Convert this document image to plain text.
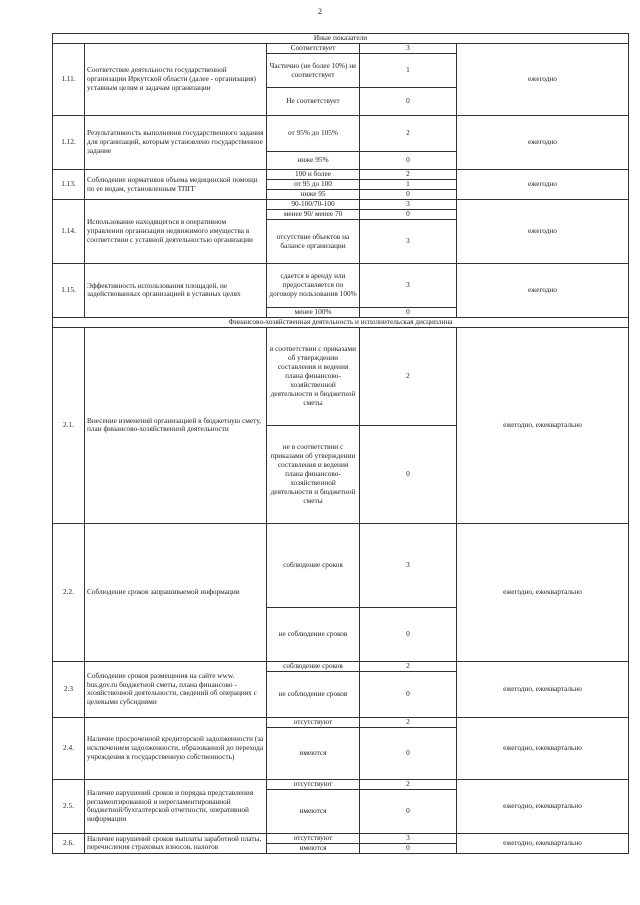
2
Иные показатели				
1.11.	Соответствие деятельности государственной организации Иркутской области (далее - организация) уставным целям и задачам организации	Соответствует	3	ежегодно
		Частично (не более 10%) не соответствует	1	
		Не соответствует	0	
1.12.	Результативность выполнения государственного задания для организаций, которым установлено государственное задание	от 95% до 105%	2	ежегодно
		ниже 95%	0	
1.13.	Соблюдение нормативов объема медицинской помощи по ее видам, установленным ТПГГ	100 и более	2	ежегодно
		от 95 до 100	1	
		ниже 95	0	
1.14.	Использование находящегося в оперативном управлении организации недвижимого имущества в соответствии с уставной деятельностью организации	90-100/70-100	3	ежегодно
		менее 90/ менее 70	0	
		отсутствие объектов на балансе организации	3	
1.15.	Эффективность использования площадей, не задействованных организацией в уставных целях	сдается в аренду или предоставляется по договору пользования 100%	3	ежегодно
		менее 100%	0	
Финансово-хозяйственная деятельность и исполнительская дисциплина				
2.1.	Внесение изменений организацией в бюджетную смету, план финансово-хозяйственной деятельности	в соответствии с приказами об утверждении составления и ведения плана финансово-хозяйственной деятельности и бюджетной сметы	2	ежегодно, ежеквартально
		не в соответствии с приказами об утверждении составления и ведения плана финансово-хозяйственной деятельности и бюджетной сметы	0	
2.2.	Соблюдение сроков запрашиваемой информации	соблюдение сроков	3	ежегодно, ежеквартально
		не соблюдение сроков	0	
2.3	Соблюдение сроков размещения на сайте www. bus.gov.ru бюджетной сметы, плана финансово - хозяйственной деятельности, сведений об операциях с целевыми субсидиями	соблюдение сроков	2	ежегодно, ежеквартально
		не соблюдение сроков	0	
2.4.	Наличие просроченной кредиторской задолженности (за исключением задолженности, образованной до перехода учреждения в государственную собственность)	отсутствуют	2	ежегодно, ежеквартально
		имеются	0	
2.5.	Наличие нарушений сроков и порядка представления регламентированной и нерегламентированной бюджетной/бухгалтерской отчетности, оперативной информации	отсутствуют	2	ежегодно, ежеквартально
		имеются	0	
2.6.	Наличие нарушений сроков выплаты заработной платы, перечисления страховых взносов, налогов	отсутствуют	3	ежегодно, ежеквартально
		имеются	0	
